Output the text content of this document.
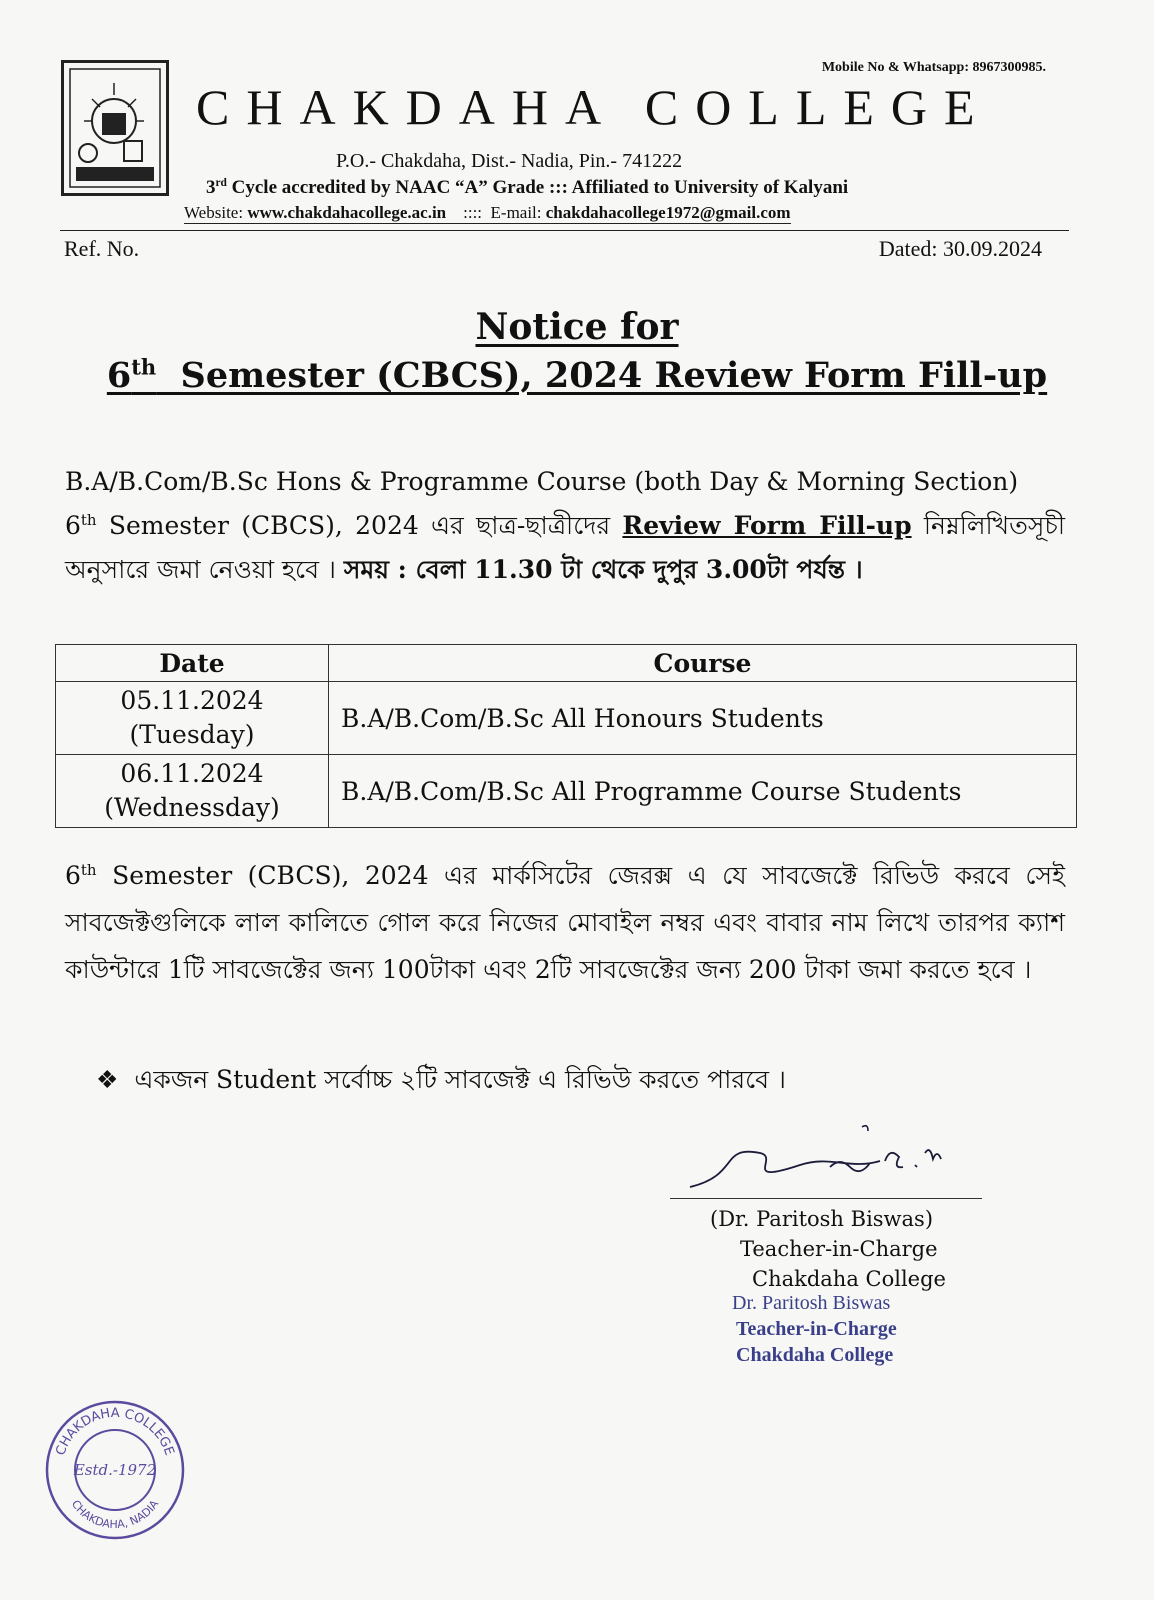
Mobile No & Whatsapp: 8967300985.
CHAKDAHA COLLEGE
P.O.- Chakdaha, Dist.- Nadia, Pin.- 741222
3rd Cycle accredited by NAAC “A” Grade ::: Affiliated to University of Kalyani
Website: www.chakdahacollege.ac.in    ::::  E-mail: chakdahacollege1972@gmail.com
Ref. No.	Dated: 30.09.2024
Notice for
6th  Semester (CBCS), 2024 Review Form Fill-up
B.A/B.Com/B.Sc Hons & Programme Course (both Day & Morning Section)
6th Semester (CBCS), 2024 এর ছাত্র-ছাত্রীদের Review Form Fill-up নিম্নলিখিতসূচী অনুসারে জমা নেওয়া হবে । সময় : বেলা 11.30 টা থেকে দুপুর 3.00টা পর্যন্ত ।
Date	Course
05.11.2024
(Tuesday)	B.A/B.Com/B.Sc All Honours Students
06.11.2024
(Wednessday)	B.A/B.Com/B.Sc All Programme Course Students
6th Semester (CBCS), 2024 এর মার্কসিটের জেরক্স এ যে সাবজেক্টে রিভিউ করবে সেই সাবজেক্টগুলিকে লাল কালিতে গোল করে নিজের মোবাইল নম্বর এবং বাবার নাম লিখে তারপর ক্যাশ কাউন্টারে 1টি সাবজেক্টের জন্য 100টাকা এবং 2টি সাবজেক্টের জন্য 200 টাকা জমা করতে হবে ।
❖  একজন Student সর্বোচ্চ ২টি সাবজেক্ট এ রিভিউ করতে পারবে ।
(Dr. Paritosh Biswas)
Teacher-in-Charge
Chakdaha College
Dr. Paritosh Biswas
Teacher-in-Charge
Chakdaha College
CHAKDAHA COLLEGE
CHAKDAHA, NADIA
Estd.-1972
